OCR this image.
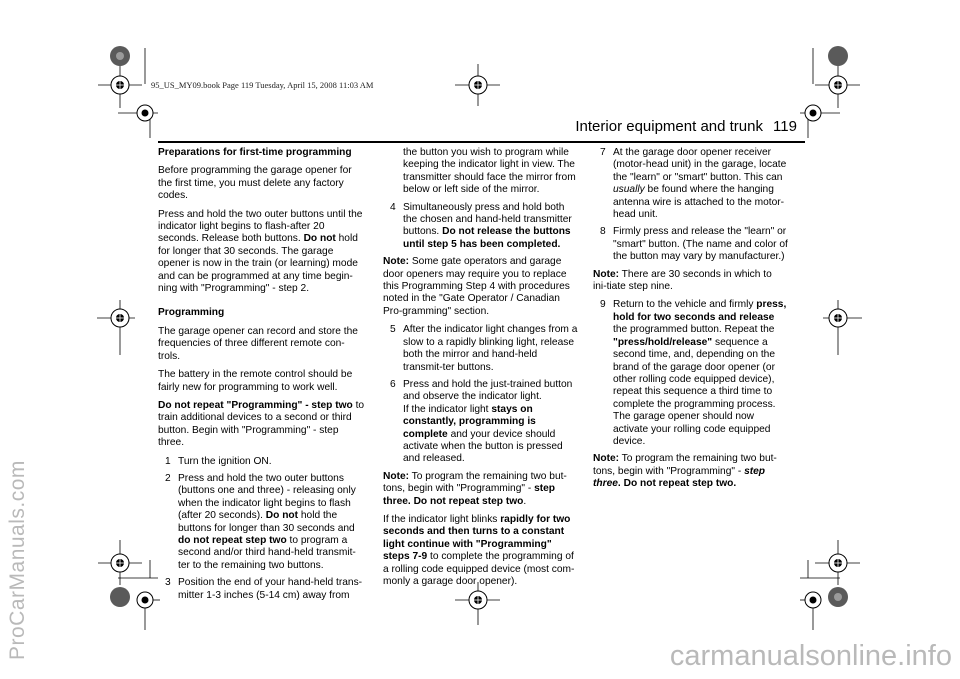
ProCarManuals.com	carmanualsonline.info
95_US_MY09.book Page 119 Tuesday, April 15, 2008 11:03 AM
Interior equipment and trunk 119
Preparations for first-time programming

Before programming the garage opener for the first time, you must delete any factory codes.

Press and hold the two outer buttons until the indicator light begins to flash-after 20 seconds. Release both buttons. Do not hold for longer that 30 seconds. The garage opener is now in the train (or learning) mode and can be programmed at any time begin-ning with "Programming" - step 2.

Programming

The garage opener can record and store the frequencies of three different remote con-trols.

The battery in the remote control should be fairly new for programming to work well.

Do not repeat "Programming" - step two to train additional devices to a second or third button. Begin with "Programming" - step three.

1 Turn the ignition ON.
2 Press and hold the two outer buttons (buttons one and three) - releasing only when the indicator light begins to flash (after 20 seconds). Do not hold the buttons for longer than 30 seconds and do not repeat step two to program a second and/or third hand-held transmit-ter to the remaining two buttons.
3 Position the end of your hand-held trans-mitter 1-3 inches (5-14 cm) away from
the button you wish to program while keeping the indicator light in view. The transmitter should face the mirror from below or left side of the mirror.
4 Simultaneously press and hold both the chosen and hand-held transmitter buttons. Do not release the buttons until step 5 has been completed.

Note: Some gate operators and garage door openers may require you to replace this Programming Step 4 with procedures noted in the "Gate Operator / Canadian Pro-gramming" section.

5 After the indicator light changes from a slow to a rapidly blinking light, release both the mirror and hand-held transmit-ter buttons.
6 Press and hold the just-trained button and observe the indicator light.
If the indicator light stays on constantly, programming is complete and your device should activate when the button is pressed and released.

Note: To program the remaining two but-tons, begin with "Programming" - step three. Do not repeat step two.

If the indicator light blinks rapidly for two seconds and then turns to a constant light continue with "Programming" steps 7-9 to complete the programming of a rolling code equipped device (most com-monly a garage door opener).

7 At the garage door opener receiver (motor-head unit) in the garage, locate the "learn" or "smart" button. This can usually be found where the hanging antenna wire is attached to the motor-head unit.
8 Firmly press and release the "learn" or "smart" button. (The name and color of the button may vary by manufacturer.)

Note: There are 30 seconds in which to ini-tiate step nine.

9 Return to the vehicle and firmly press, hold for two seconds and release the programmed button. Repeat the "press/hold/release" sequence a second time, and, depending on the brand of the garage door opener (or other rolling code equipped device), repeat this sequence a third time to complete the programming process. The garage opener should now activate your rolling code equipped device.

Note: To program the remaining two but-tons, begin with "Programming" - step three. Do not repeat step two.
